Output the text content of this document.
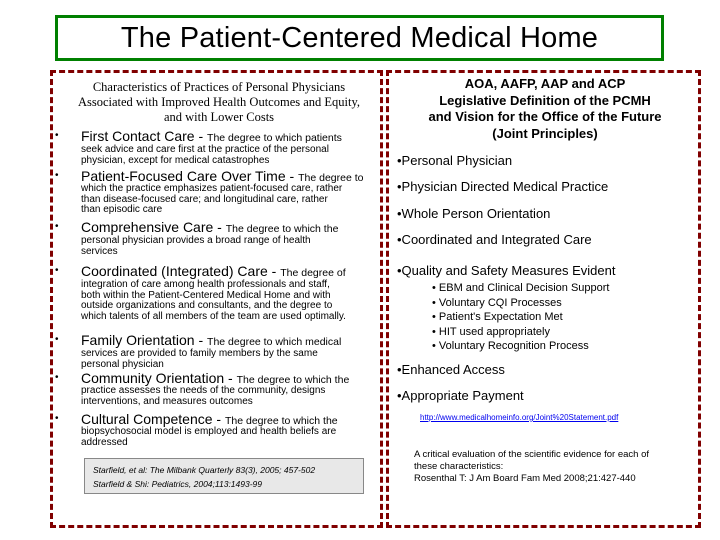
The Patient-Centered Medical Home
Characteristics of Practices of Personal Physicians
Associated with Improved Health Outcomes and Equity,
and with Lower Costs
• First Contact Care - The degree to which patients
seek advice and care first at the practice of the personal
physician, except for medical catastrophes
• Patient-Focused Care Over Time - The degree to
which the practice emphasizes patient-focused care, rather
than disease-focused care; and longitudinal care, rather
than episodic care
• Comprehensive Care - The degree to which the
personal physician provides a broad range of health
services
• Coordinated (Integrated) Care - The degree of
integration of care among health professionals and staff,
both within the Patient-Centered Medical Home and with
outside organizations and consultants, and the degree to
which talents of all members of the team are used optimally.
• Family Orientation - The degree to which medical
services are provided to family members by the same
personal physician
• Community Orientation - The degree to which the
practice assesses the needs of the community, designs
interventions, and measures outcomes
• Cultural Competence - The degree to which the
biopsychosocial model is employed and health beliefs are
addressed
Starfield, et al: The Milbank Quarterly 83(3), 2005; 457-502
Starfield & Shi: Pediatrics, 2004;113:1493-99
AOA, AAFP, AAP and ACP
Legislative Definition of the PCMH
and Vision for the Office of the Future
(Joint Principles)
•Personal Physician
•Physician Directed Medical Practice
•Whole Person Orientation
•Coordinated and Integrated Care
•Quality and Safety Measures Evident
• EBM and Clinical Decision Support
• Voluntary CQI Processes
• Patient's Expectation Met
• HIT used appropriately
• Voluntary Recognition Process
•Enhanced Access
•Appropriate Payment
http://www.medicalhomeinfo.org/Joint%20Statement.pdf
A critical evaluation of the scientific evidence for each of
these characteristics:
Rosenthal T: J Am Board Fam Med 2008;21:427-440
